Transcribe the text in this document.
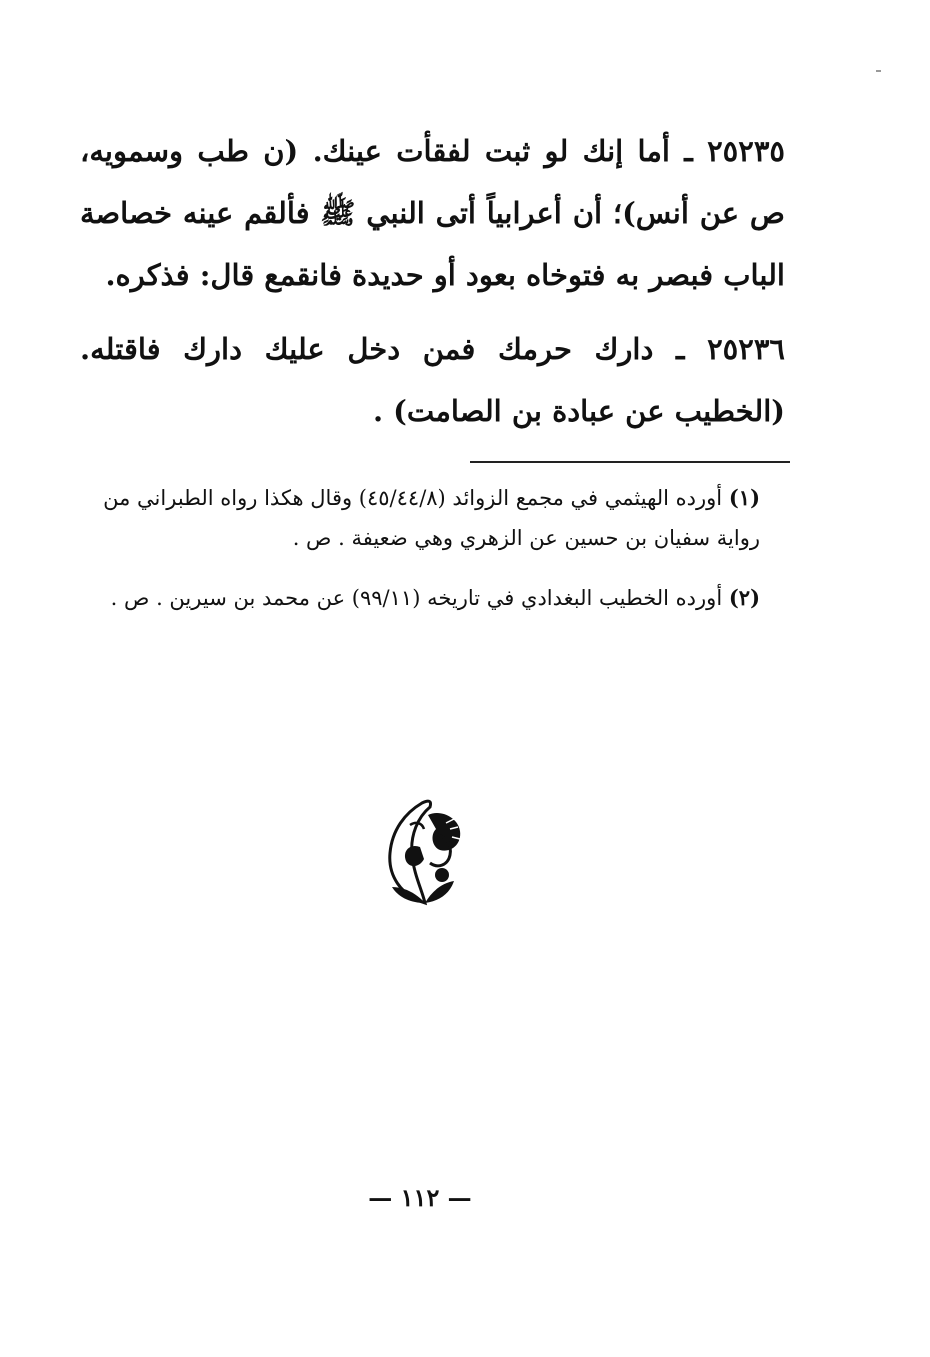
٢٥٢٣٥ ـ أما إنك لو ثبت لفقأت عينك. (ن طب وسمويه، ص عن أنس)؛ أن أعرابياً أتى النبي ﷺ فألقم عينه خصاصة الباب فبصر به فتوخاه بعود أو حديدة فانقمع قال: فذكره.
٢٥٢٣٦ ـ دارك حرمك فمن دخل عليك دارك فاقتله. (الخطيب عن عبادة بن الصامت) .
(١) أورده الهيثمي في مجمع الزوائد (٤٥/٤٤/٨) وقال هكذا رواه الطبراني من رواية سفيان بن حسين عن الزهري وهي ضعيفة . ص .
(٢) أورده الخطيب البغدادي في تاريخه (٩٩/١١) عن محمد بن سيرين . ص .
— ١١٢ —
